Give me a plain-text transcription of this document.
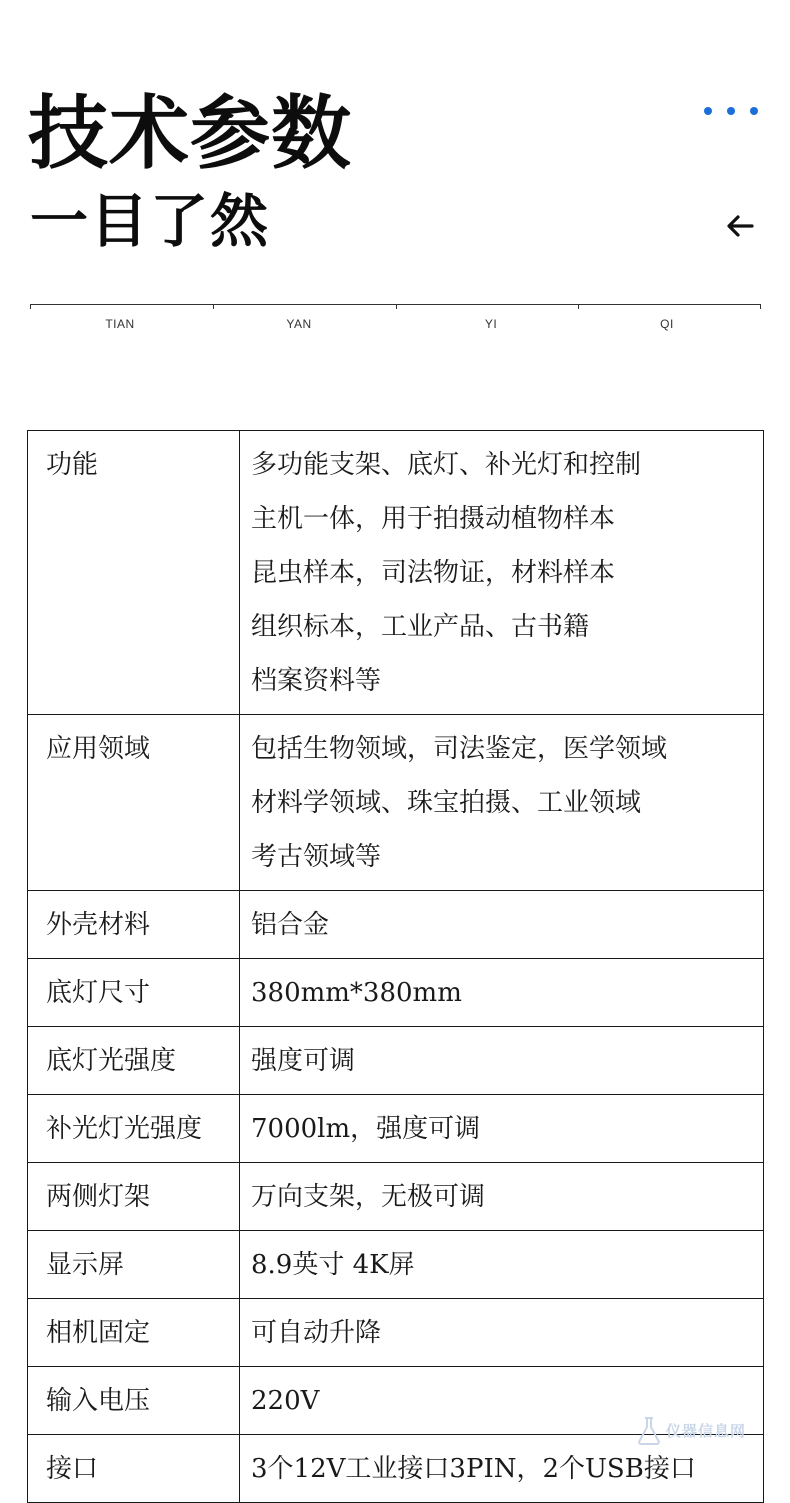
技术参数
一目了然
TIAN	YAN	YI	QI
功能	多功能支架、底灯、补光灯和控制
主机一体，用于拍摄动植物样本
昆虫样本，司法物证，材料样本
组织标本，工业产品、古书籍
档案资料等

应用领域	包括生物领域，司法鉴定，医学领域
材料学领域、珠宝拍摄、工业领域
考古领域等

外壳材料	铝合金

底灯尺寸	380mm*380mm

底灯光强度	强度可调

补光灯光强度	7000lm，强度可调

两侧灯架	万向支架，无极可调

显示屏	8.9英寸 4K屏

相机固定	可自动升降

输入电压	220V

接口	3个12V工业接口3PIN，2个USB接口
仪器信息网
